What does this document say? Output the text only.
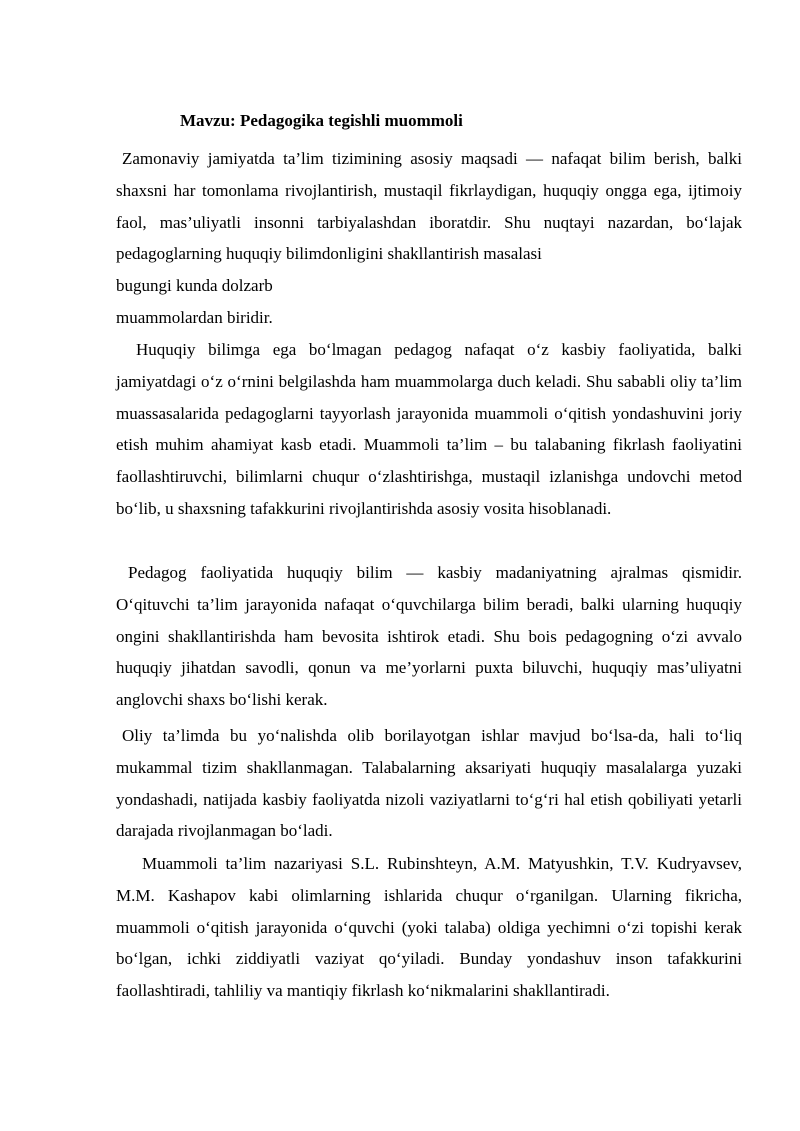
Mavzu: Pedagogika tegishli muommoli

Zamonaviy jamiyatda ta’lim tizimining asosiy maqsadi — nafaqat bilim berish, balki shaxsni har tomonlama rivojlantirish, mustaqil fikrlaydigan, huquqiy ongga ega, ijtimoiy faol, mas’uliyatli insonni tarbiyalashdan iboratdir. Shu nuqtayi nazardan, bo‘lajak pedagoglarning huquqiy bilimdonligini shakllantirish masalasi

bugungi kunda dolzarb
muammolardan biridir.

Huquqiy bilimga ega bo‘lmagan pedagog nafaqat o‘z kasbiy faoliyatida, balki jamiyatdagi o‘z o‘rnini belgilashda ham muammolarga duch keladi. Shu sababli oliy ta’lim muassasalarida pedagoglarni tayyorlash jarayonida muammoli o‘qitish yondashuvini joriy etish muhim ahamiyat kasb etadi. Muammoli ta’lim – bu talabaning fikrlash faoliyatini faollashtiruvchi, bilimlarni chuqur o‘zlashtirishga, mustaqil izlanishga undovchi metod bo‘lib, u shaxsning tafakkurini rivojlantirishda asosiy vosita hisoblanadi.

Pedagog faoliyatida huquqiy bilim — kasbiy madaniyatning ajralmas qismidir. O‘qituvchi ta’lim jarayonida nafaqat o‘quvchilarga bilim beradi, balki ularning huquqiy ongini shakllantirishda ham bevosita ishtirok etadi. Shu bois pedagogning o‘zi avvalo huquqiy jihatdan savodli, qonun va me’yorlarni puxta biluvchi, huquqiy mas’uliyatni anglovchi shaxs bo‘lishi kerak.

Oliy ta’limda bu yo‘nalishda olib borilayotgan ishlar mavjud bo‘lsa-da, hali to‘liq mukammal tizim shakllanmagan. Talabalarning aksariyati huquqiy masalalarga yuzaki yondashadi, natijada kasbiy faoliyatda nizoli vaziyatlarni to‘g‘ri hal etish qobiliyati yetarli darajada rivojlanmagan bo‘ladi.

Muammoli ta’lim nazariyasi S.L. Rubinshteyn, A.M. Matyushkin, T.V. Kudryavsev, M.M. Kashapov kabi olimlarning ishlarida chuqur o‘rganilgan. Ularning fikricha, muammoli o‘qitish jarayonida o‘quvchi (yoki talaba) oldiga yechimni o‘zi topishi kerak bo‘lgan, ichki ziddiyatli vaziyat qo‘yiladi. Bunday yondashuv inson tafakkurini faollashtiradi, tahliliy va mantiqiy fikrlash ko‘nikmalarini shakllantiradi.
